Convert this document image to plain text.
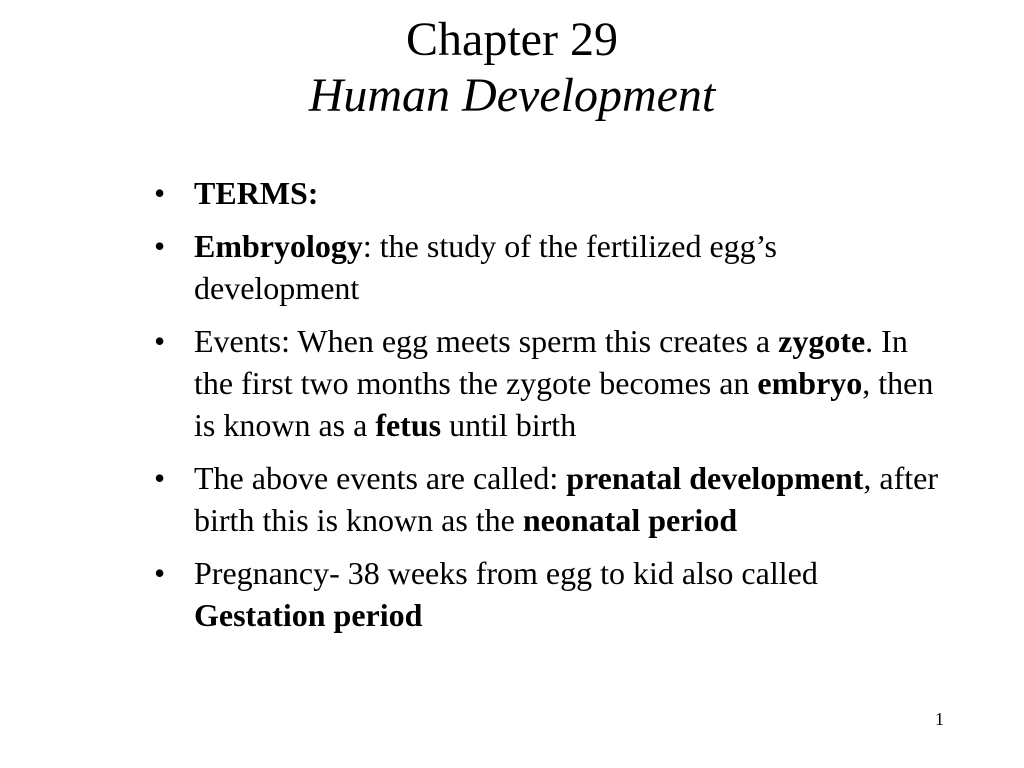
Chapter 29
Human Development
• TERMS:
• Embryology: the study of the fertilized egg’s development
• Events: When egg meets sperm this creates a zygote. In the first two months the zygote becomes an embryo, then is known as a fetus until birth
• The above events are called: prenatal development, after birth this is known as the neonatal period
• Pregnancy- 38 weeks from egg to kid also called Gestation period
1
